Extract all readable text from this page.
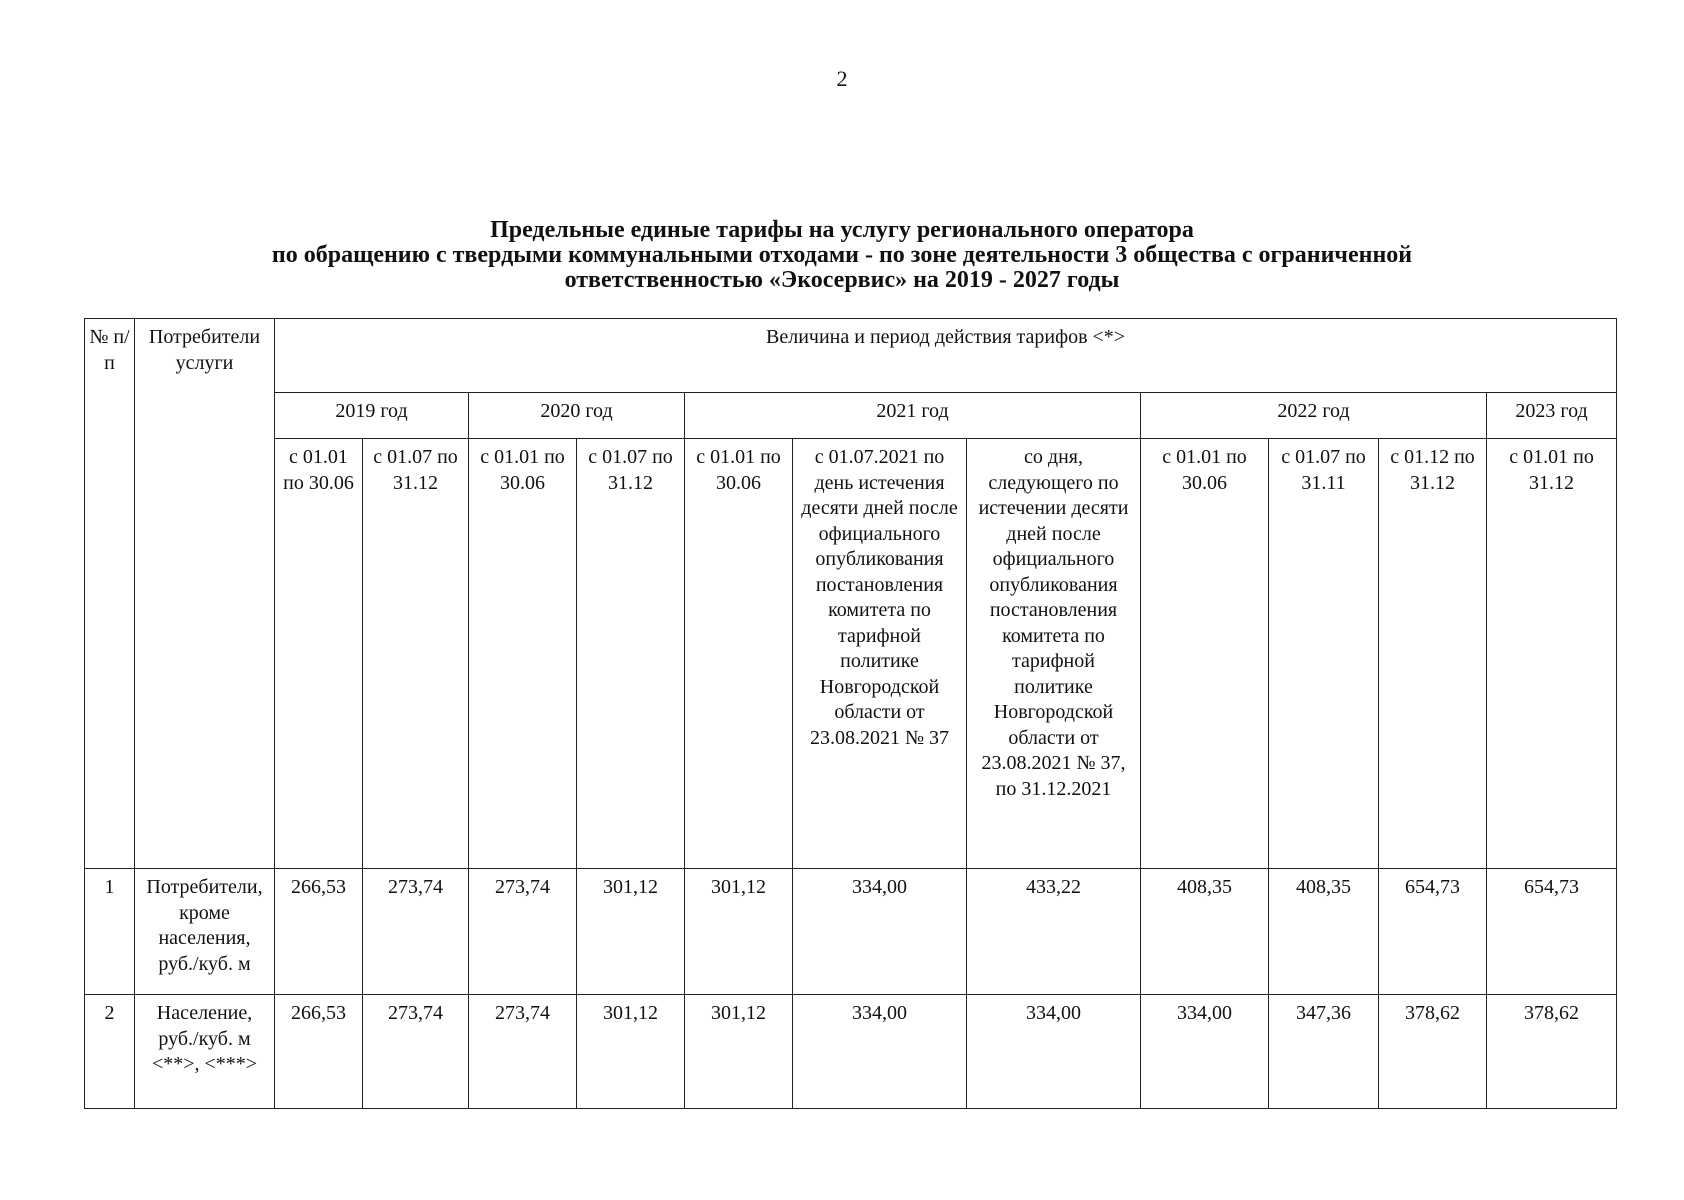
2
Предельные единые тарифы на услугу регионального оператора
по обращению с твердыми коммунальными отходами - по зоне деятельности 3 общества с ограниченной
ответственностью «Экосервис» на 2019 - 2027 годы
№ п/п	Потребители услуги	Величина и период действия тарифов <*>										
		2019 год		2020 год		2021 год			2022 год			2023 год
		с 01.01 по 30.06	с 01.07 по 31.12	с 01.01 по 30.06	с 01.07 по 31.12	с 01.01 по 30.06	с 01.07.2021 по день истечения десяти дней после официального опубликования постановления комитета по тарифной политике Новгородской области от 23.08.2021 № 37	со дня, следующего по истечении десяти дней после официального опубликования постановления комитета по тарифной политике Новгородской области от 23.08.2021 № 37, по 31.12.2021	с 01.01 по 30.06	с 01.07 по 31.11	с 01.12 по 31.12	с 01.01 по 31.12
1	Потребители, кроме населения, руб./куб. м	266,53	273,74	273,74	301,12	301,12	334,00	433,22	408,35	408,35	654,73	654,73
2	Население, руб./куб. м <**>, <***>	266,53	273,74	273,74	301,12	301,12	334,00	334,00	334,00	347,36	378,62	378,62
